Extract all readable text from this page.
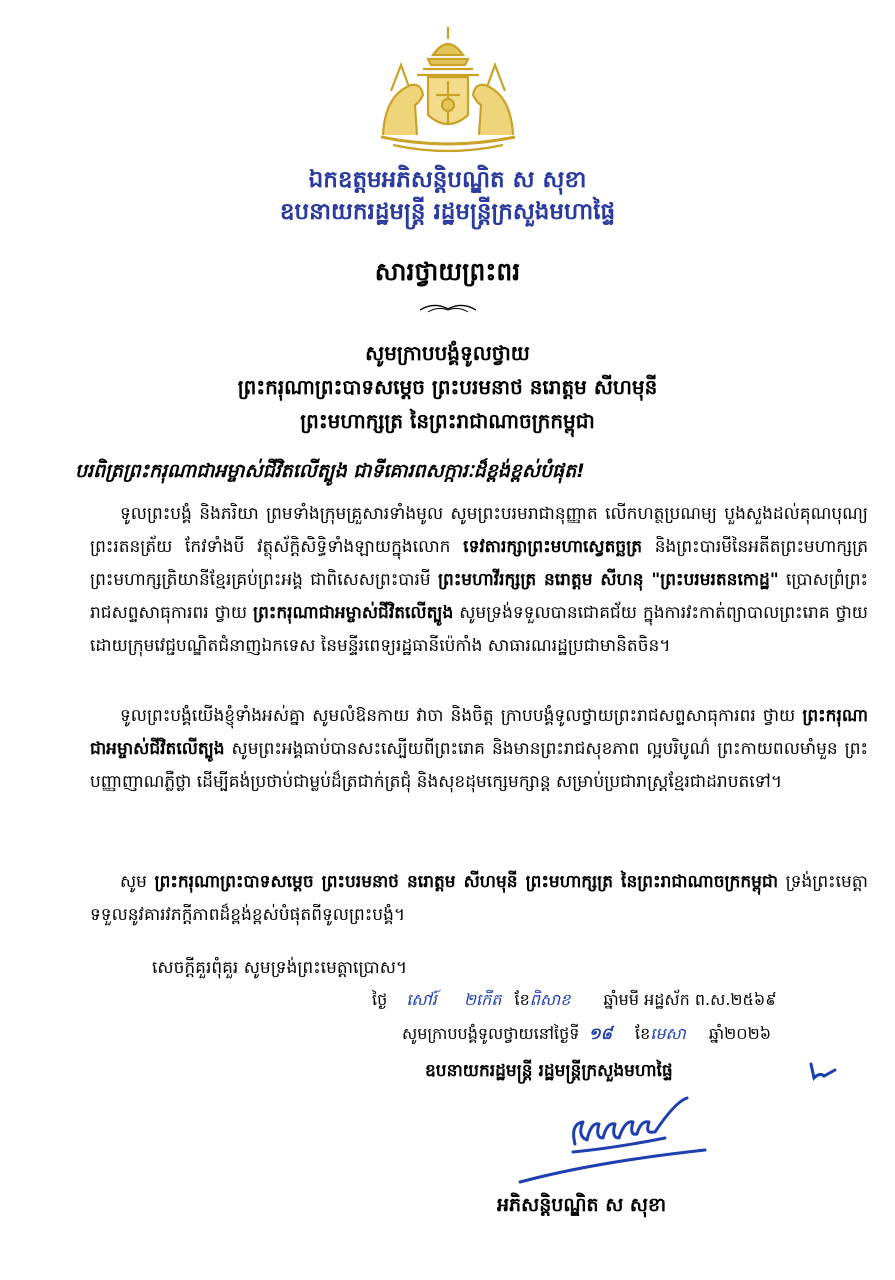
ឯកឧត្តមអភិសន្តិបណ្ឌិត ស សុខា
ឧបនាយករដ្ឋមន្ត្រី រដ្ឋមន្ត្រីក្រសួងមហាផ្ទៃ
សារថ្វាយព្រះពរ
សូមក្រាបបង្គំទូលថ្វាយ
ព្រះករុណាព្រះបាទសម្តេច ព្រះបរមនាថ នរោត្តម សីហមុនី
ព្រះមហាក្សត្រ នៃព្រះរាជាណាចក្រកម្ពុជា
បរពិត្រព្រះករុណាជាអម្ចាស់ជីវិតលើត្បូង ជាទីគោរពសក្ការៈដ៏ខ្ពង់ខ្ពស់បំផុត!
ទូលព្រះបង្គំ និងភរិយា ព្រមទាំងក្រុមគ្រួសារទាំងមូល សូមព្រះបរមរាជានុញ្ញាត លើកហត្ថប្រណម្យ បួងសួងដល់គុណបុណ្យព្រះរតនត្រ័យ កែវទាំងបី វត្ថុស័ក្តិសិទ្ធិទាំងឡាយក្នុងលោក ទេវតារក្សាព្រះមហាស្វេតច្ឆត្រ និងព្រះបារមីនៃអតីតព្រះមហាក្សត្រ ព្រះមហាក្សត្រិយានីខ្មែរគ្រប់ព្រះអង្គ ជាពិសេសព្រះបារមី ព្រះមហាវីរក្សត្រ នរោត្តម សីហនុ "ព្រះបរមរតនកោដ្ឋ" ប្រោសព្រំព្រះរាជសព្ទសាធុការពរ ថ្វាយ ព្រះករុណាជាអម្ចាស់ជីវិតលើត្បូង សូមទ្រង់ទទួលបានជោគជ័យ ក្នុងការវះកាត់ព្យាបាលព្រះរោគ ថ្វាយដោយក្រុមវេជ្ជបណ្ឌិតជំនាញឯកទេស នៃមន្ទីរពេទ្យរដ្ឋធានីប៉េកាំង សាធារណរដ្ឋប្រជាមានិតចិន។
ទូលព្រះបង្គំយើងខ្ញុំទាំងអស់គ្នា សូមលំឱនកាយ វាចា និងចិត្ត ក្រាបបង្គំទូលថ្វាយព្រះរាជសព្ទសាធុការពរ ថ្វាយ ព្រះករុណាជាអម្ចាស់ជីវិតលើត្បូង សូមព្រះអង្គធាប់បានសះស្បើយពីព្រះរោគ និងមានព្រះរាជសុខភាព ល្អបរិបូណ៌ ព្រះកាយពលមាំមួន ព្រះបញ្ញាញាណភ្លឺថ្លា ដើម្បីគង់ប្រថាប់ជាម្លប់ដ៏ត្រជាក់ត្រជុំ និងសុខដុមក្សេមក្សាន្ត សម្រាប់ប្រជារាស្ត្រខ្មែរជាដរាបតទៅ។
សូម ព្រះករុណាព្រះបាទសម្តេច ព្រះបរមនាថ នរោត្តម សីហមុនី ព្រះមហាក្សត្រ នៃព្រះរាជាណាចក្រកម្ពុជា ទ្រង់ព្រះមេត្តាទទួលនូវគារវភក្តីភាពដ៏ខ្ពង់ខ្ពស់បំផុតពីទូលព្រះបង្គំ។
សេចក្តីគួរពុំគួរ សូមទ្រង់ព្រះមេត្តាប្រោស។
ថ្ងៃ សៅរ៍ ២កើត ខែពិសាខ ឆ្នាំមមី អដ្ឋស័ក ព.ស.២៥៦៩
សូមក្រាបបង្គំទូលថ្វាយនៅថ្ងៃទី ១៨ ខែមេសា ឆ្នាំ២០២៦
ឧបនាយករដ្ឋមន្ត្រី រដ្ឋមន្ត្រីក្រសួងមហាផ្ទៃ
អភិសន្តិបណ្ឌិត ស សុខា
